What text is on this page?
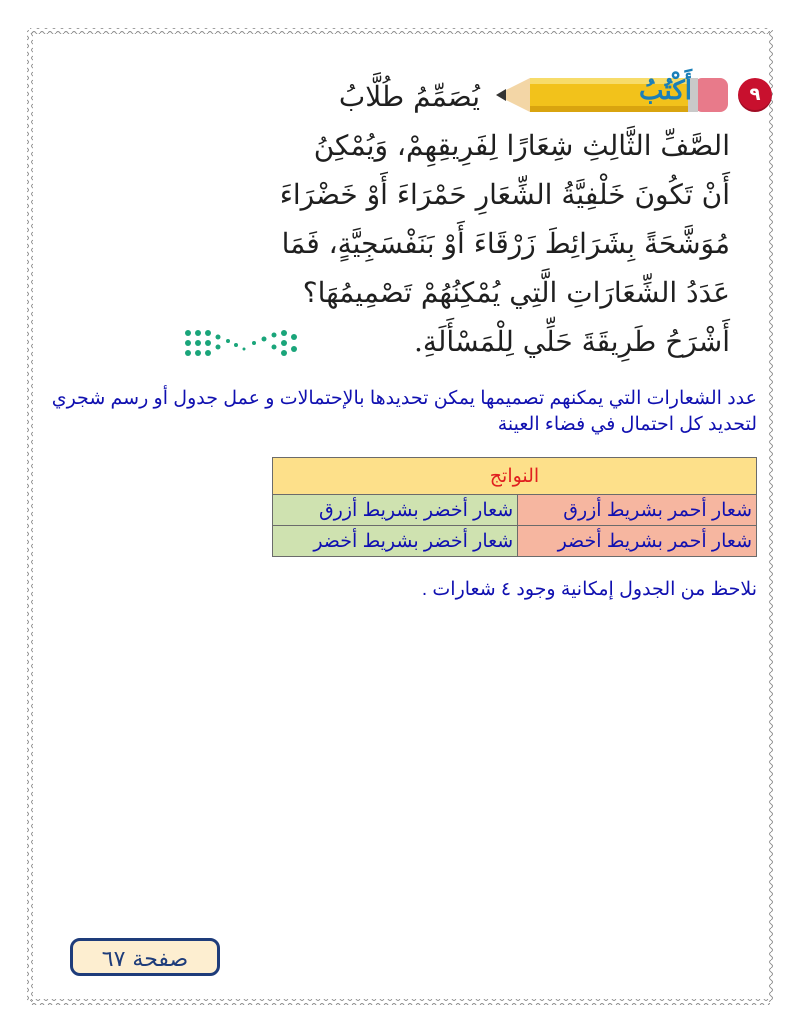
٩
أَكْتُبُ
يُصَمِّمُ طُلَّابُ
الصَّفِّ الثَّالِثِ شِعَارًا لِفَرِيقِهِمْ، وَيُمْكِنُ
أَنْ تَكُونَ خَلْفِيَّةُ الشِّعَارِ حَمْرَاءَ أَوْ خَضْرَاءَ
مُوَشَّحَةً بِشَرَائِطَ زَرْقَاءَ أَوْ بَنَفْسَجِيَّةٍ، فَمَا
عَدَدُ الشِّعَارَاتِ الَّتِي يُمْكِنُهُمْ تَصْمِيمُهَا؟
أَشْرَحُ طَرِيقَةَ حَلِّي لِلْمَسْأَلَةِ.
عدد الشعارات التي يمكنهم تصميمها يمكن تحديدها بالإحتمالات و عمل جدول أو رسم شجري لتحديد كل احتمال في فضاء العينة
النواتج	
شعار أحمر بشريط أزرق	شعار أخضر بشريط أزرق
شعار أحمر بشريط أخضر	شعار أخضر بشريط أخضر
نلاحظ من الجدول إمكانية وجود ٤ شعارات .
صفحة ٦٧
